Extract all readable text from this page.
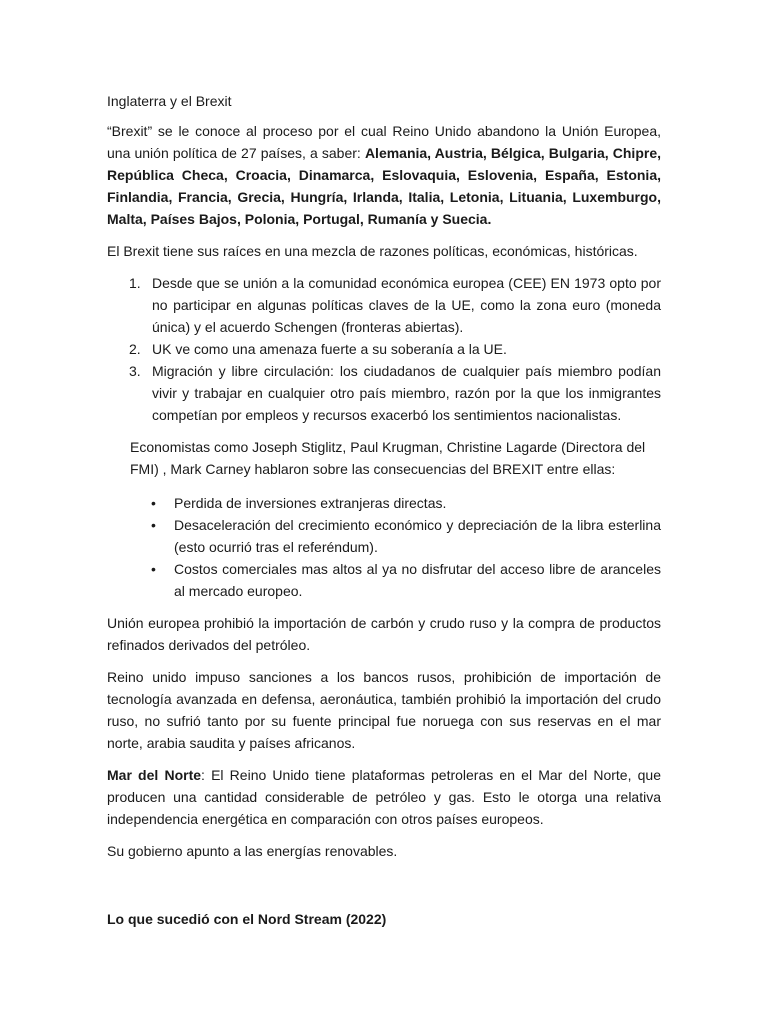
Inglaterra y el Brexit

“Brexit” se le conoce al proceso por el cual Reino Unido abandono la Unión Europea, una unión política de 27 países, a saber: Alemania, Austria, Bélgica, Bulgaria, Chipre, República Checa, Croacia, Dinamarca, Eslovaquia, Eslovenia, España, Estonia, Finlandia, Francia, Grecia, Hungría, Irlanda, Italia, Letonia, Lituania, Luxemburgo, Malta, Países Bajos, Polonia, Portugal, Rumanía y Suecia.

El Brexit tiene sus raíces en una mezcla de razones políticas, económicas, históricas.

1. Desde que se unión a la comunidad económica europea (CEE) EN 1973 opto por no participar en algunas políticas claves de la UE, como la zona euro (moneda única) y el acuerdo Schengen (fronteras abiertas).
2. UK ve como una amenaza fuerte a su soberanía a la UE.
3. Migración y libre circulación: los ciudadanos de cualquier país miembro podían vivir y trabajar en cualquier otro país miembro, razón por la que los inmigrantes competían por empleos y recursos exacerbó los sentimientos nacionalistas.

Economistas como Joseph Stiglitz, Paul Krugman, Christine Lagarde (Directora del FMI) , Mark Carney hablaron sobre las consecuencias del BREXIT entre ellas:

• Perdida de inversiones extranjeras directas.
• Desaceleración del crecimiento económico y depreciación de la libra esterlina (esto ocurrió tras el referéndum).
• Costos comerciales mas altos al ya no disfrutar del acceso libre de aranceles al mercado europeo.

Unión europea prohibió la importación de carbón y crudo ruso y la compra de productos refinados derivados del petróleo.

Reino unido impuso sanciones a los bancos rusos, prohibición de importación de tecnología avanzada en defensa, aeronáutica, también prohibió la importación del crudo ruso, no sufrió tanto por su fuente principal fue noruega con sus reservas en el mar norte, arabia saudita y países africanos.

Mar del Norte: El Reino Unido tiene plataformas petroleras en el Mar del Norte, que producen una cantidad considerable de petróleo y gas. Esto le otorga una relativa independencia energética en comparación con otros países europeos.

Su gobierno apunto a las energías renovables.

Lo que sucedió con el Nord Stream (2022)
